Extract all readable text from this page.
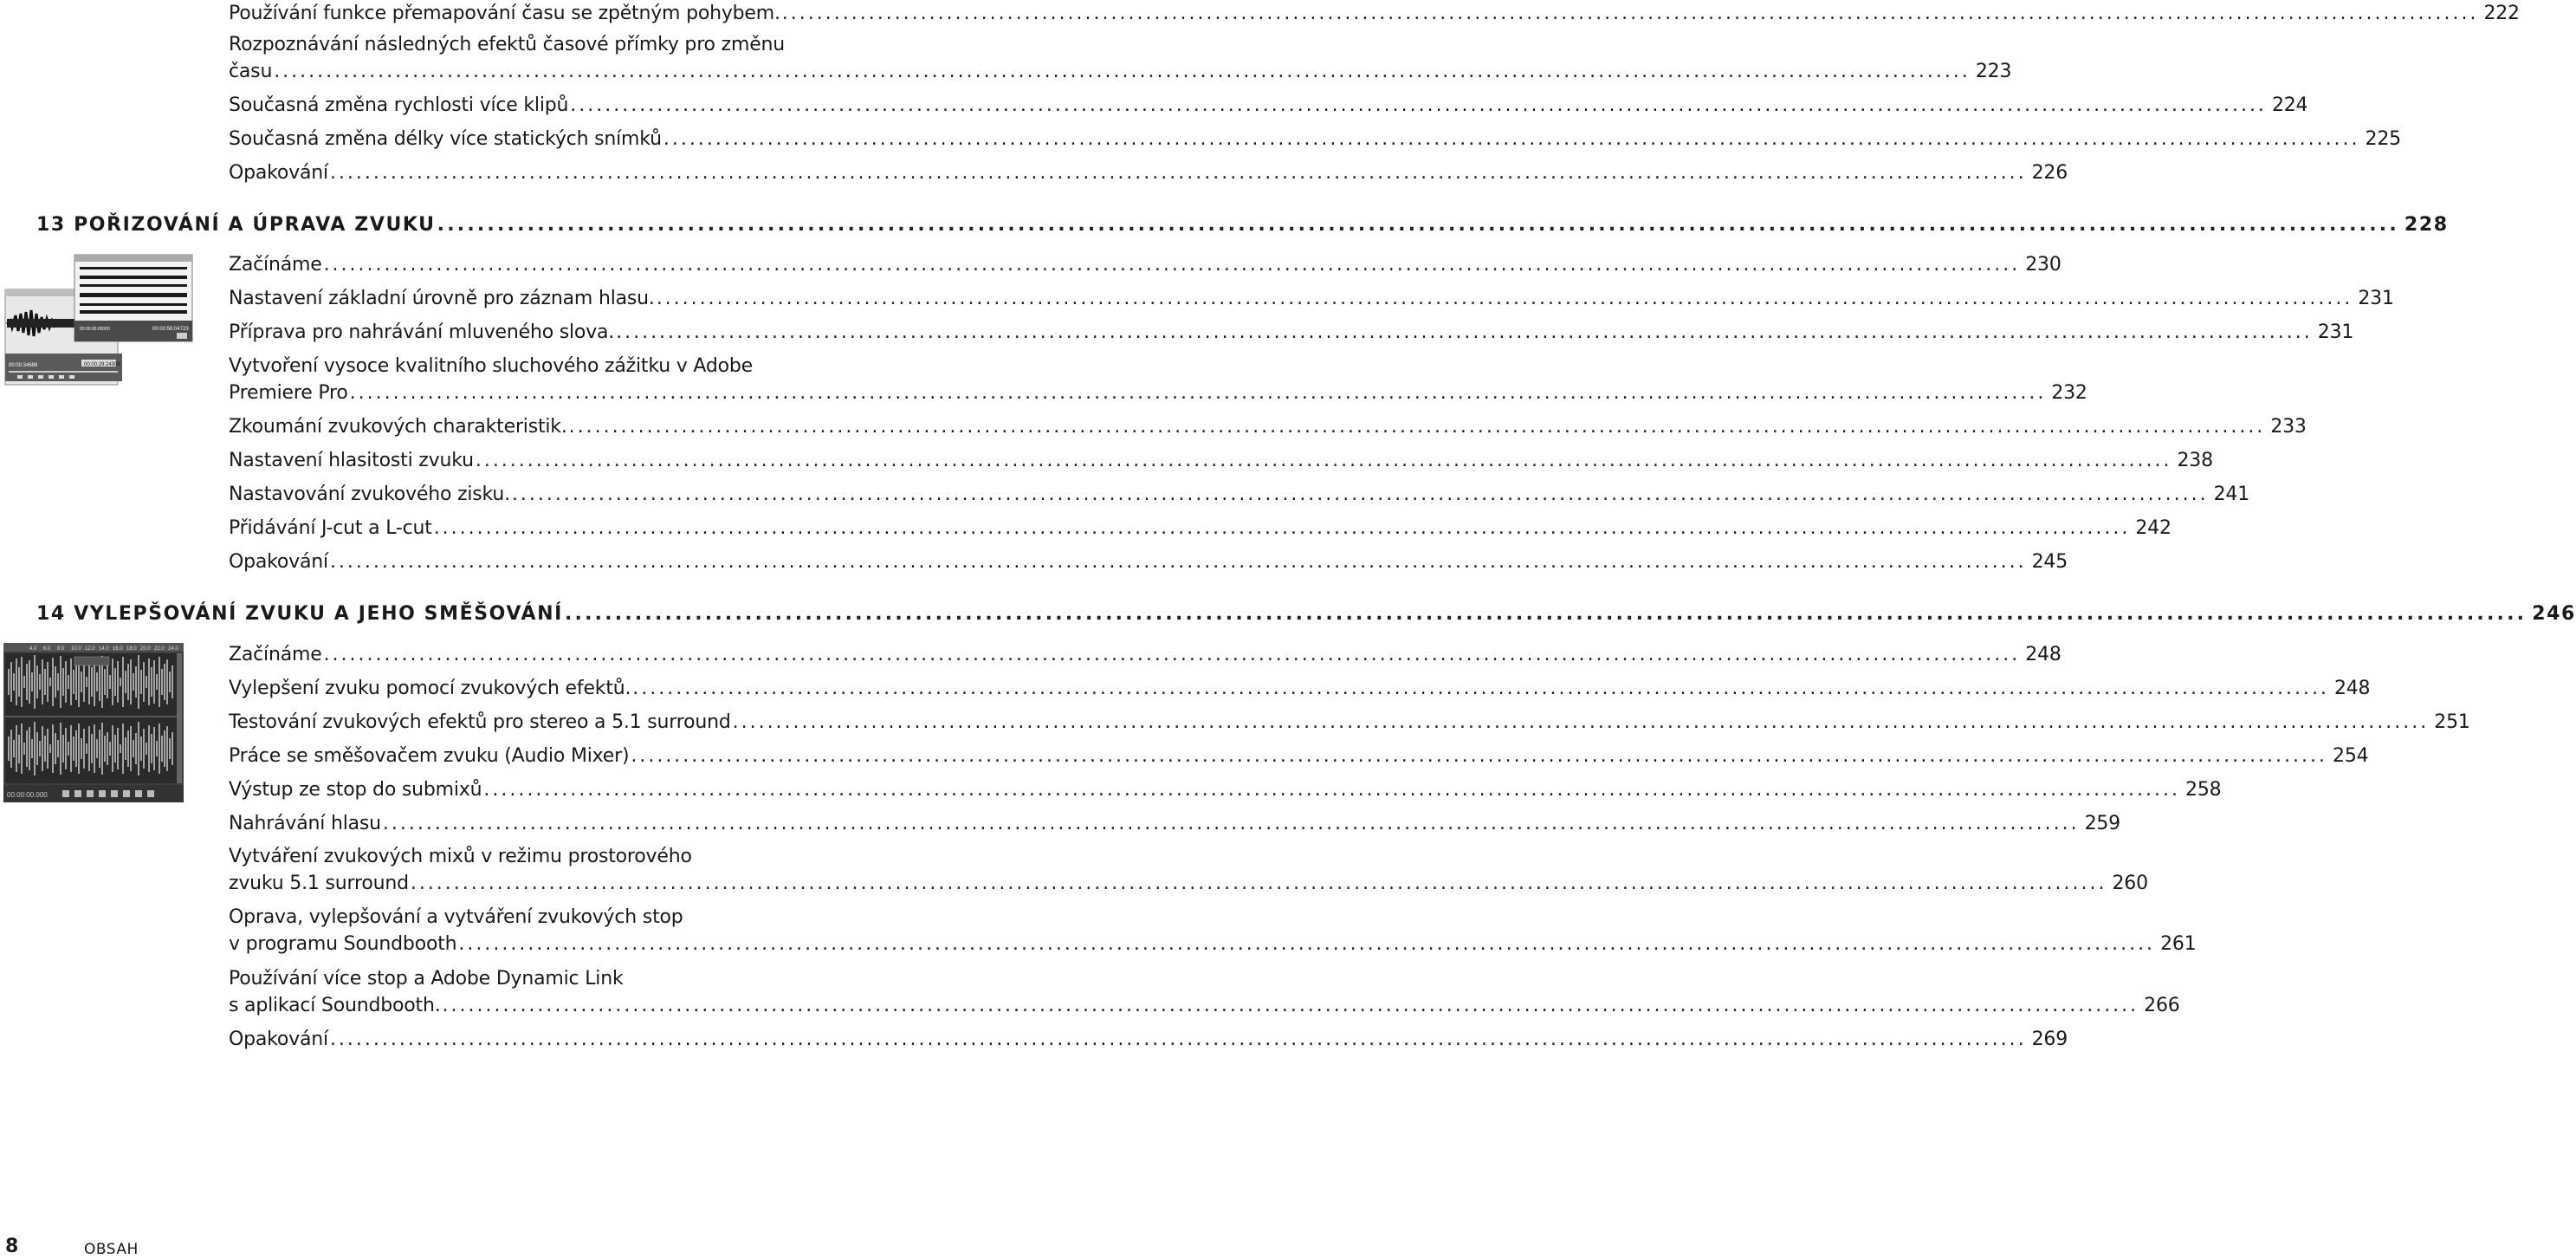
Používání funkce přemapování času se zpětným pohybem. .................................................................................................................................................................................................... 222
Rozpoznávání následných efektů časové přímky pro změnu
času .................................................................................................................................................................................................... 223
Současná změna rychlosti více klipů .................................................................................................................................................................................................... 224
Současná změna délky více statických snímků .................................................................................................................................................................................................... 225
Opakování .................................................................................................................................................................................................... 226
13 POŘIZOVÁNÍ A ÚPRAVA ZVUKU .................................................................................................................................................................................................... 228
Začínáme .................................................................................................................................................................................................... 230
Nastavení základní úrovně pro záznam hlasu. .................................................................................................................................................................................................... 231
Příprava pro nahrávání mluveného slova. .................................................................................................................................................................................................... 231
Vytvoření vysoce kvalitního sluchového zážitku v Adobe
Premiere Pro .................................................................................................................................................................................................... 232
Zkoumání zvukových charakteristik. .................................................................................................................................................................................................... 233
Nastavení hlasitosti zvuku .................................................................................................................................................................................................... 238
Nastavování zvukového zisku. .................................................................................................................................................................................................... 241
Přidávání J-cut a L-cut .................................................................................................................................................................................................... 242
Opakování .................................................................................................................................................................................................... 245
14 VYLEPŠOVÁNÍ ZVUKU A JEHO SMĚŠOVÁNÍ .................................................................................................................................................................................................... 246
Začínáme .................................................................................................................................................................................................... 248
Vylepšení zvuku pomocí zvukových efektů. .................................................................................................................................................................................................... 248
Testování zvukových efektů pro stereo a 5.1 surround .................................................................................................................................................................................................... 251
Práce se směšovačem zvuku (Audio Mixer) .................................................................................................................................................................................................... 254
Výstup ze stop do submixů .................................................................................................................................................................................................... 258
Nahrávání hlasu .................................................................................................................................................................................................... 259
Vytváření zvukových mixů v režimu prostorového
zvuku 5.1 surround .................................................................................................................................................................................................... 260
Oprava, vylepšování a vytváření zvukových stop
v programu Soundbooth .................................................................................................................................................................................................... 261
Používání více stop a Adobe Dynamic Link
s aplikací Soundbooth. .................................................................................................................................................................................................... 266
Opakování .................................................................................................................................................................................................... 269
00:00:34688	00:00:29:24000
00:00:00:00000	00:00:56:04723
4.0 6.0 8.0 10.0 12.0 14.0 16.0 18.0 20.0 22.0 24.0
00:00:00.000
8	OBSAH
